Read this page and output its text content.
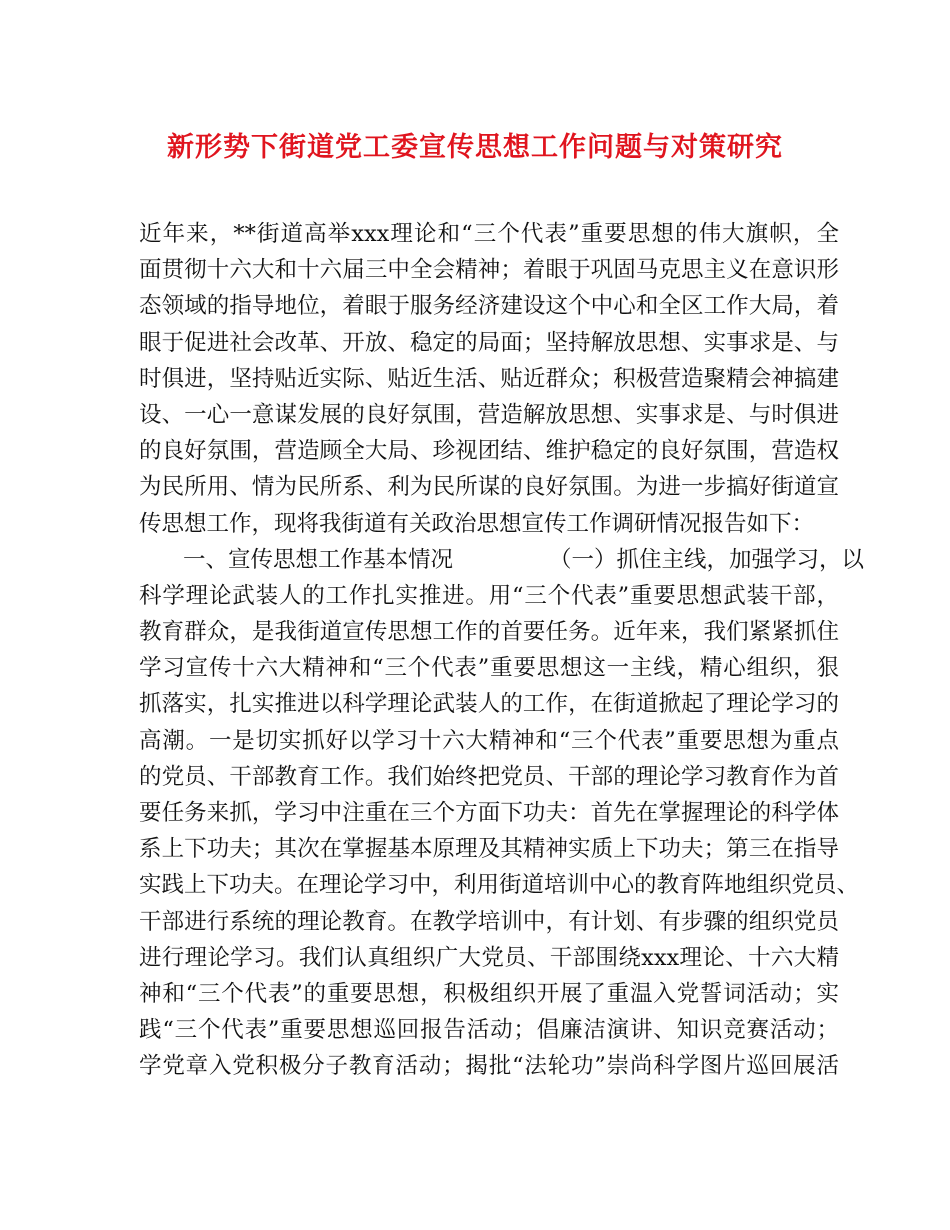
新形势下街道党工委宣传思想工作问题与对策研究
近年来，**街道高举xxx理论和“三个代表”重要思想的伟大旗帜，全
面贯彻十六大和十六届三中全会精神；着眼于巩固马克思主义在意识形
态领域的指导地位，着眼于服务经济建设这个中心和全区工作大局，着
眼于促进社会改革、开放、稳定的局面；坚持解放思想、实事求是、与
时俱进，坚持贴近实际、贴近生活、贴近群众；积极营造聚精会神搞建
设、一心一意谋发展的良好氛围，营造解放思想、实事求是、与时俱进
的良好氛围，营造顾全大局、珍视团结、维护稳定的良好氛围，营造权
为民所用、情为民所系、利为民所谋的良好氛围。为进一步搞好街道宣
传思想工作，现将我街道有关政治思想宣传工作调研情况报告如下：
一、宣传思想工作基本情况	（一）抓住主线，加强学习，以
科学理论武装人的工作扎实推进。用“三个代表”重要思想武装干部，
教育群众，是我街道宣传思想工作的首要任务。近年来，我们紧紧抓住
学习宣传十六大精神和“三个代表”重要思想这一主线，精心组织，狠
抓落实，扎实推进以科学理论武装人的工作，在街道掀起了理论学习的
高潮。一是切实抓好以学习十六大精神和“三个代表”重要思想为重点
的党员、干部教育工作。我们始终把党员、干部的理论学习教育作为首
要任务来抓，学习中注重在三个方面下功夫：首先在掌握理论的科学体
系上下功夫；其次在掌握基本原理及其精神实质上下功夫；第三在指导
实践上下功夫。在理论学习中，利用街道培训中心的教育阵地组织党员、
干部进行系统的理论教育。在教学培训中，有计划、有步骤的组织党员
进行理论学习。我们认真组织广大党员、干部围绕xxx理论、十六大精
神和“三个代表”的重要思想，积极组织开展了重温入党誓词活动；实
践“三个代表”重要思想巡回报告活动；倡廉洁演讲、知识竞赛活动；
学党章入党积极分子教育活动；揭批“法轮功”崇尚科学图片巡回展活
